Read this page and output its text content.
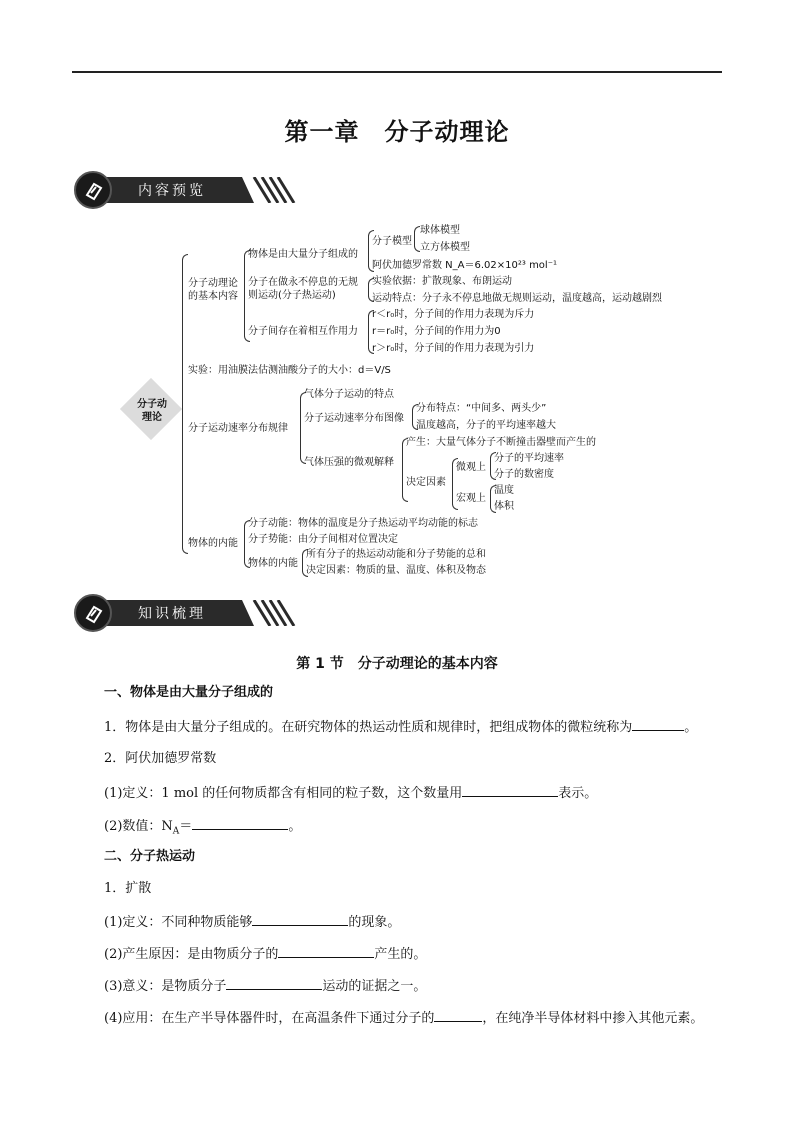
第一章　分子动理论
内容预览
分子动
理论
分子动理论
的基本内容
物体是由大量分子组成的
分子模型
球体模型
立方体模型
阿伏加德罗常数 N_A＝6.02×10²³ mol⁻¹
分子在做永不停息的无规
则运动(分子热运动)
实验依据：扩散现象、布朗运动
运动特点：分子永不停息地做无规则运动，温度越高，运动越剧烈
分子间存在着相互作用力
r＜r₀时，分子间的作用力表现为斥力
r＝r₀时，分子间的作用力为0
r＞r₀时，分子间的作用力表现为引力
实验：用油膜法估测油酸分子的大小：d＝V/S
分子运动速率分布规律
气体分子运动的特点
分子运动速率分布图像
分布特点：“中间多、两头少”
温度越高，分子的平均速率越大
气体压强的微观解释
产生：大量气体分子不断撞击器壁而产生的
决定因素
微观上
分子的平均速率
分子的数密度
宏观上
温度
体积
物体的内能
分子动能：物体的温度是分子热运动平均动能的标志
分子势能：由分子间相对位置决定
物体的内能
所有分子的热运动动能和分子势能的总和
决定因素：物质的量、温度、体积及物态
知识梳理
第 1 节　分子动理论的基本内容
一、物体是由大量分子组成的
1．物体是由大量分子组成的。在研究物体的热运动性质和规律时，把组成物体的微粒统称为	。
2．阿伏加德罗常数
(1)定义：1 mol 的任何物质都含有相同的粒子数，这个数量用	表示。
(2)数值：$N_A=$	。
二、分子热运动
1．扩散
(1)定义：不同种物质能够	的现象。
(2)产生原因：是由物质分子的	产生的。
(3)意义：是物质分子	运动的证据之一。
(4)应用：在生产半导体器件时，在高温条件下通过分子的	，在纯净半导体材料中掺入其他元素。
